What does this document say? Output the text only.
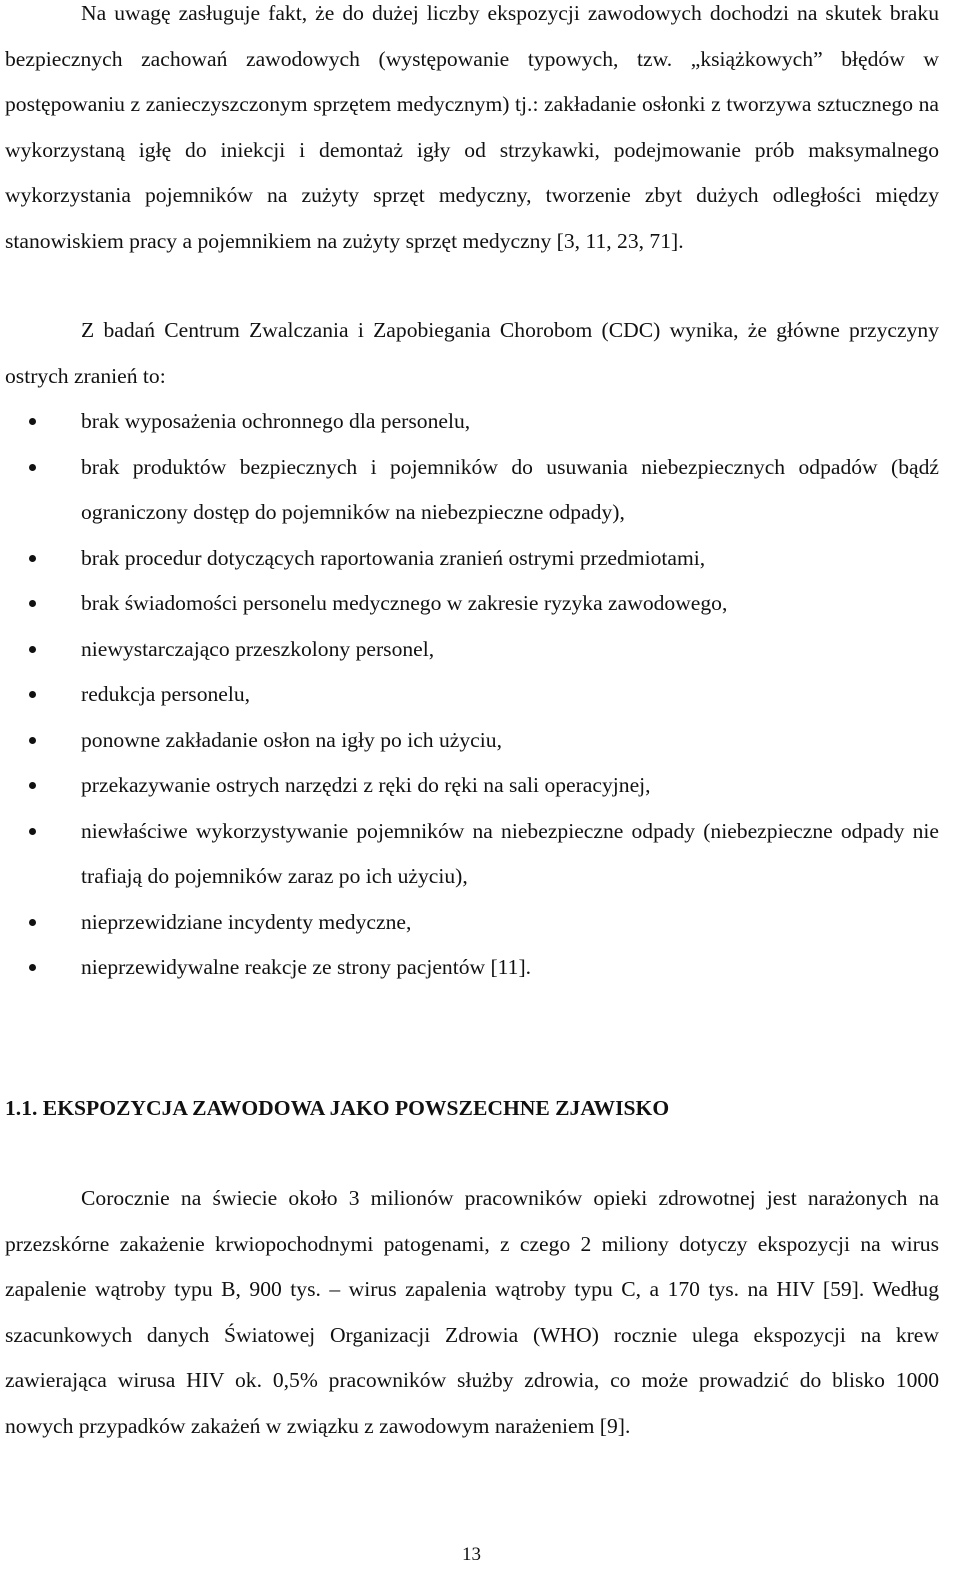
Na uwagę zasługuje fakt, że do dużej liczby ekspozycji zawodowych dochodzi na skutek braku bezpiecznych zachowań zawodowych (występowanie typowych, tzw. „książkowych” błędów w postępowaniu z zanieczyszczonym sprzętem medycznym) tj.: zakładanie osłonki z tworzywa sztucznego na wykorzystaną igłę do iniekcji i demontaż igły od strzykawki, podejmowanie prób maksymalnego wykorzystania pojemników na zużyty sprzęt medyczny, tworzenie zbyt dużych odległości między stanowiskiem pracy a pojemnikiem na zużyty sprzęt medyczny [3, 11, 23, 71].

Z badań Centrum Zwalczania i Zapobiegania Chorobom (CDC) wynika, że główne przyczyny ostrych zranień to:

brak wyposażenia ochronnego dla personelu,
brak produktów bezpiecznych i pojemników do usuwania niebezpiecznych odpadów (bądź ograniczony dostęp do pojemników na niebezpieczne odpady),
brak procedur dotyczących raportowania zranień ostrymi przedmiotami,
brak świadomości personelu medycznego w zakresie ryzyka zawodowego,
niewystarczająco przeszkolony personel,
redukcja personelu,
ponowne zakładanie osłon na igły po ich użyciu,
przekazywanie ostrych narzędzi z ręki do ręki na sali operacyjnej,
niewłaściwe wykorzystywanie pojemników na niebezpieczne odpady (niebezpieczne odpady nie trafiają do pojemników zaraz po ich użyciu),
nieprzewidziane incydenty medyczne,
nieprzewidywalne reakcje ze strony pacjentów [11].
1.1. EKSPOZYCJA ZAWODOWA JAKO POWSZECHNE ZJAWISKO

Corocznie na świecie około 3 milionów pracowników opieki zdrowotnej jest narażonych na przezskórne zakażenie krwiopochodnymi patogenami, z czego 2 miliony dotyczy ekspozycji na wirus zapalenie wątroby typu B, 900 tys. – wirus zapalenia wątroby typu C, a 170 tys. na HIV [59]. Według szacunkowych danych Światowej Organizacji Zdrowia (WHO) rocznie ulega ekspozycji na krew zawierająca wirusa HIV ok. 0,5% pracowników służby zdrowia, co może prowadzić do blisko 1000 nowych przypadków zakażeń w związku z zawodowym narażeniem [9].

13
